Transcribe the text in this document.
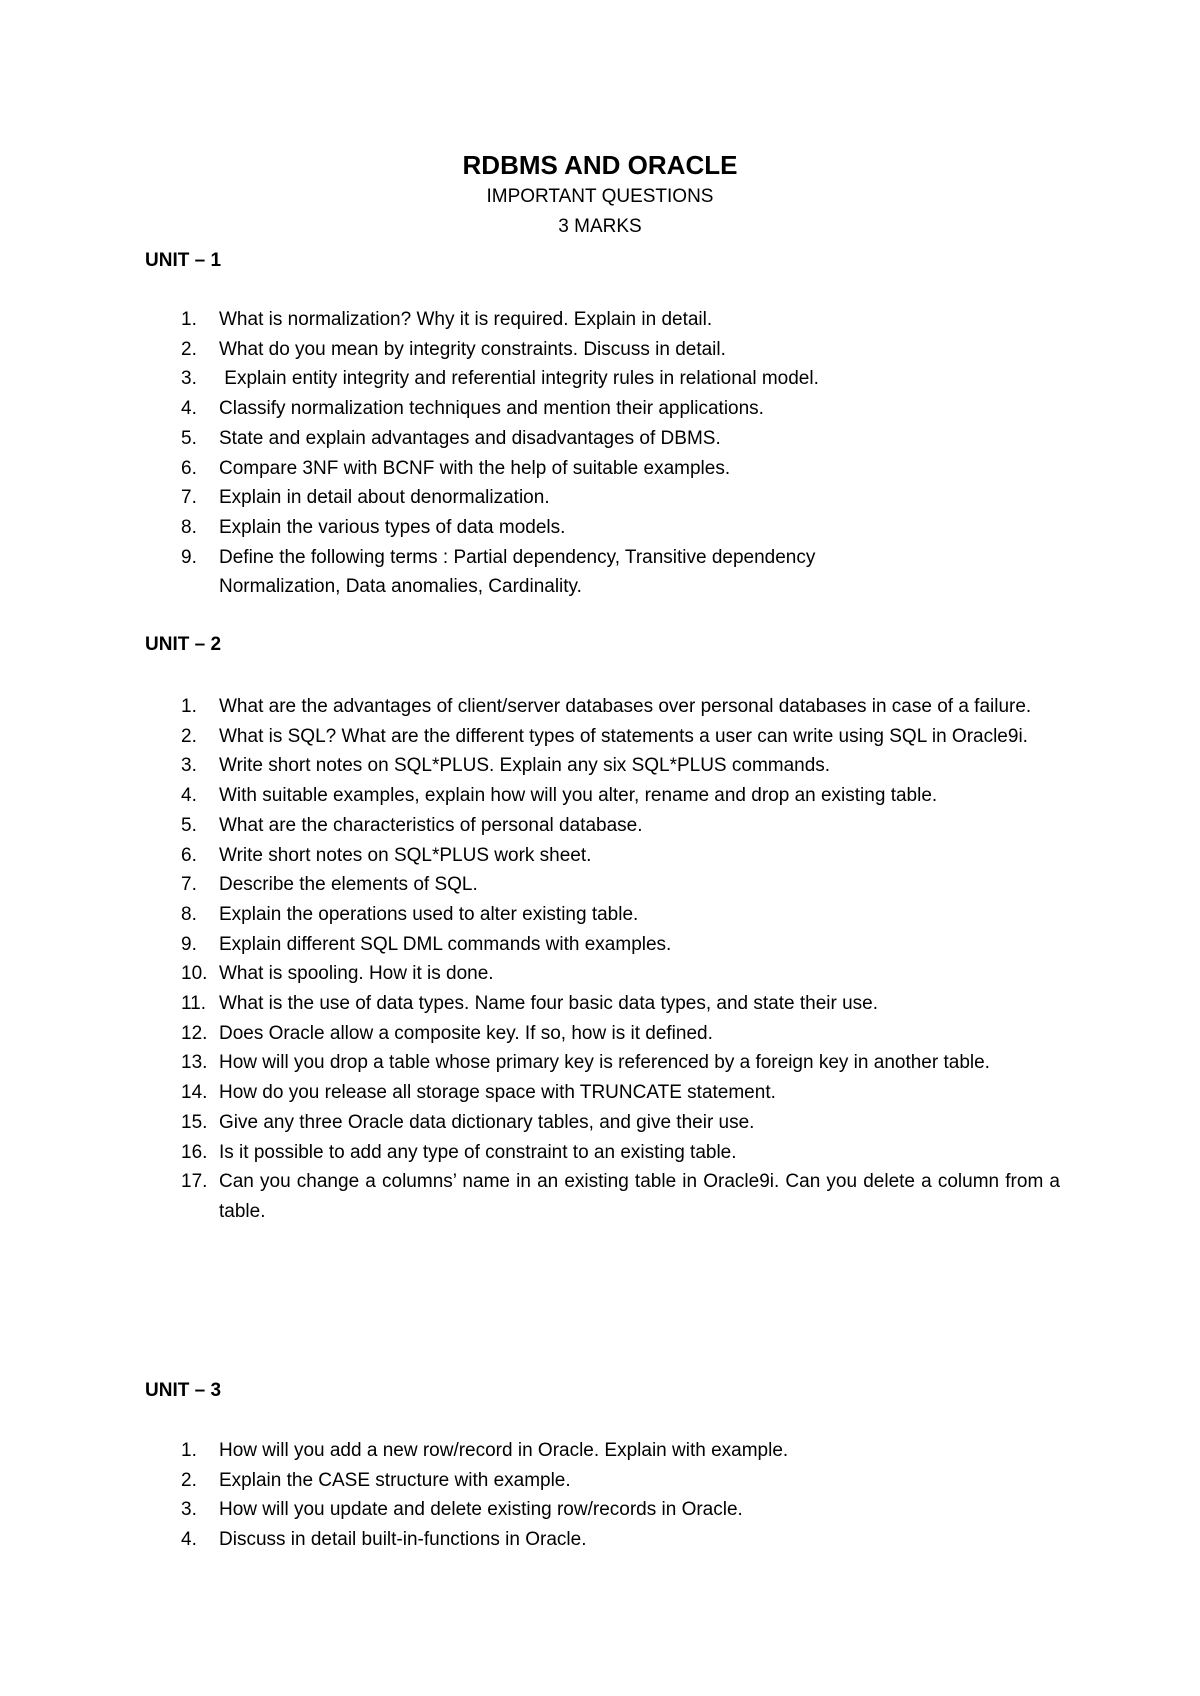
RDBMS AND ORACLE

IMPORTANT QUESTIONS

3 MARKS

UNIT – 1

1. What is normalization? Why it is required. Explain in detail.
2. What do you mean by integrity constraints. Discuss in detail.
3. Explain entity integrity and referential integrity rules in relational model.
4. Classify normalization techniques and mention their applications.
5. State and explain advantages and disadvantages of DBMS.
6. Compare 3NF with BCNF with the help of suitable examples.
7. Explain in detail about denormalization.
8. Explain the various types of data models.
9. Define the following terms : Partial dependency, Transitive dependency Normalization, Data anomalies, Cardinality.

UNIT – 2

1. What are the advantages of client/server databases over personal databases in case of a failure.
2. What is SQL? What are the different types of statements a user can write using SQL in Oracle9i.
3. Write short notes on SQL*PLUS. Explain any six SQL*PLUS commands.
4. With suitable examples, explain how will you alter, rename and drop an existing table.
5. What are the characteristics of personal database.
6. Write short notes on SQL*PLUS work sheet.
7. Describe the elements of SQL.
8. Explain the operations used to alter existing table.
9. Explain different SQL DML commands with examples.
10. What is spooling. How it is done.
11. What is the use of data types. Name four basic data types, and state their use.
12. Does Oracle allow a composite key. If so, how is it defined.
13. How will you drop a table whose primary key is referenced by a foreign key in another table.
14. How do you release all storage space with TRUNCATE statement.
15. Give any three Oracle data dictionary tables, and give their use.
16. Is it possible to add any type of constraint to an existing table.
17. Can you change a columns’ name in an existing table in Oracle9i. Can you delete a column from a table.

UNIT – 3

1. How will you add a new row/record in Oracle. Explain with example.
2. Explain the CASE structure with example.
3. How will you update and delete existing row/records in Oracle.
4. Discuss in detail built-in-functions in Oracle.
